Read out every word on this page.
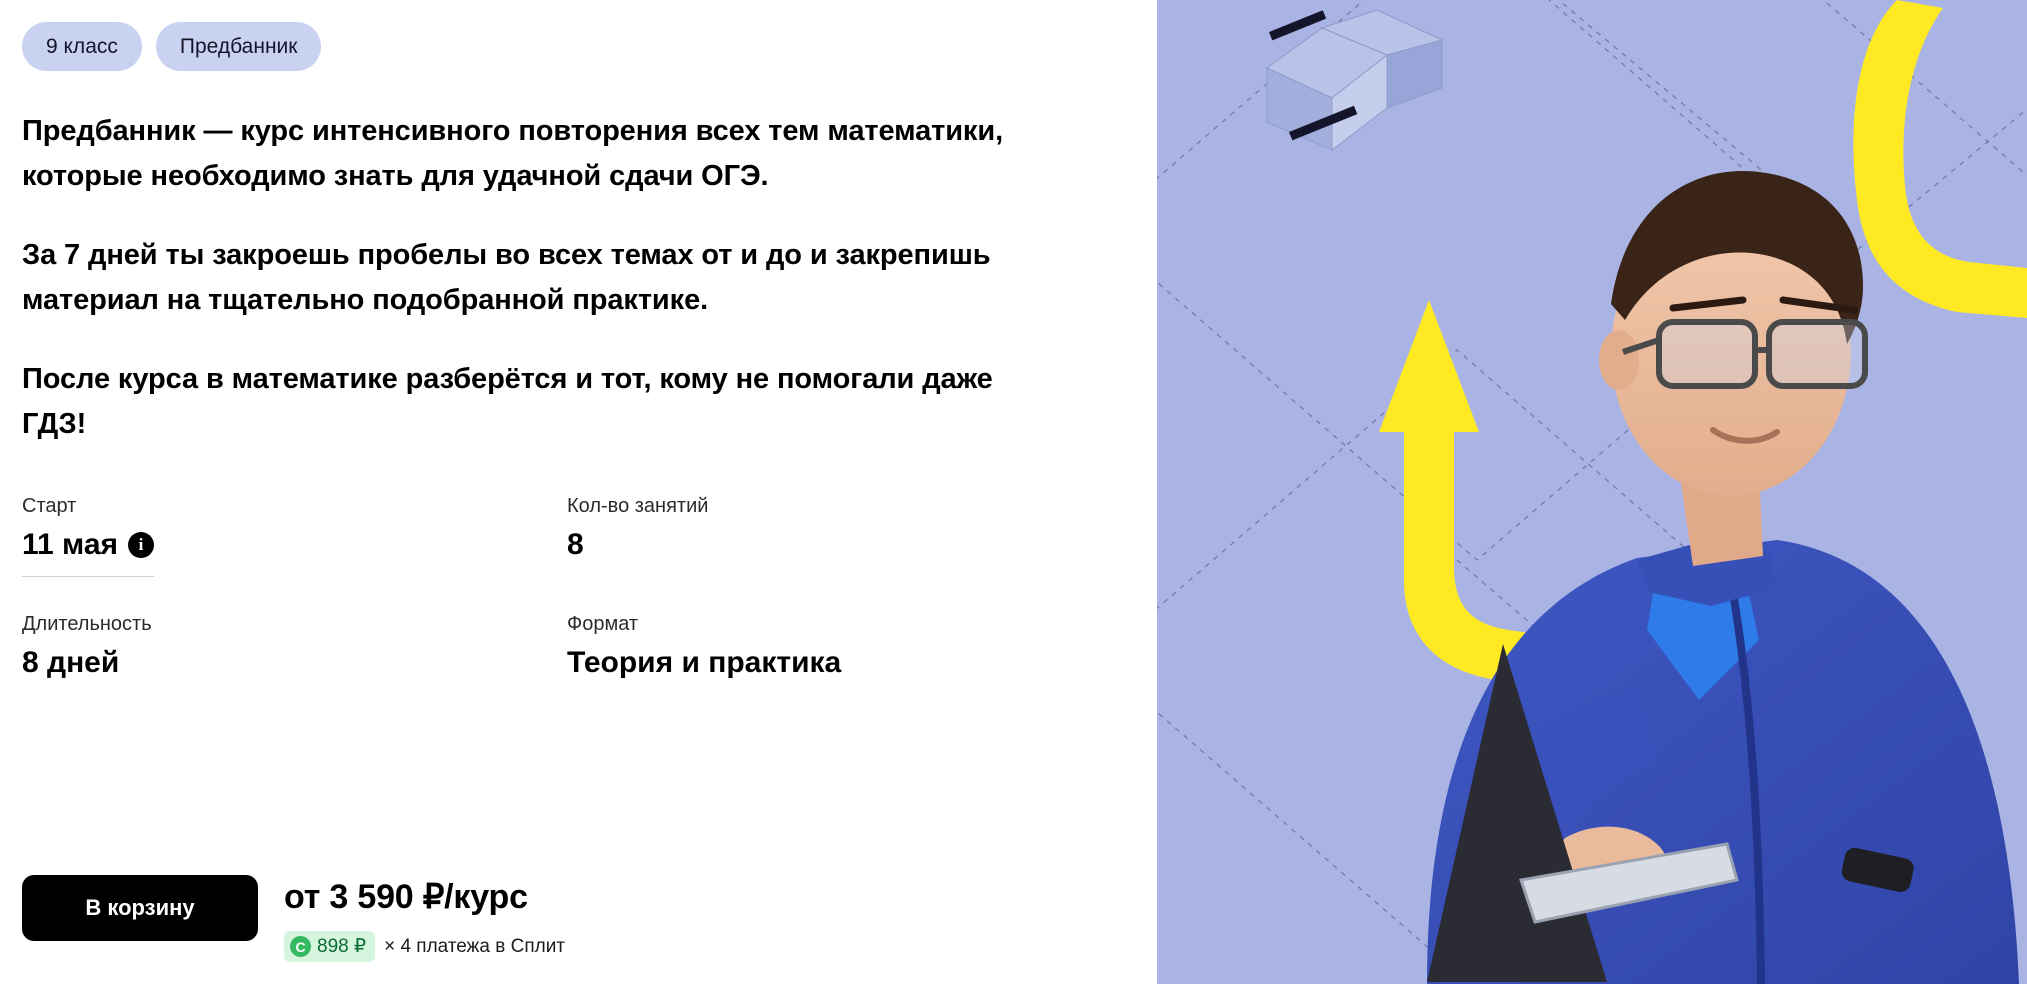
9 класс	Предбанник

Предбанник — курс интенсивного повторения всех тем математики, которые необходимо знать для удачной сдачи ОГЭ.

За 7 дней ты закроешь пробелы во всех темах от и до и закрепишь материал на тщательно подобранной практике.

После курса в математике разберётся и тот, кому не помогали даже ГДЗ!

Старт
11 мая	i
Кол-во занятий
8
Длительность
8 дней
Формат
Теория и практика
В корзину	от 3 590 ₽/курс
C 898 ₽ × 4 платежа в Сплит
